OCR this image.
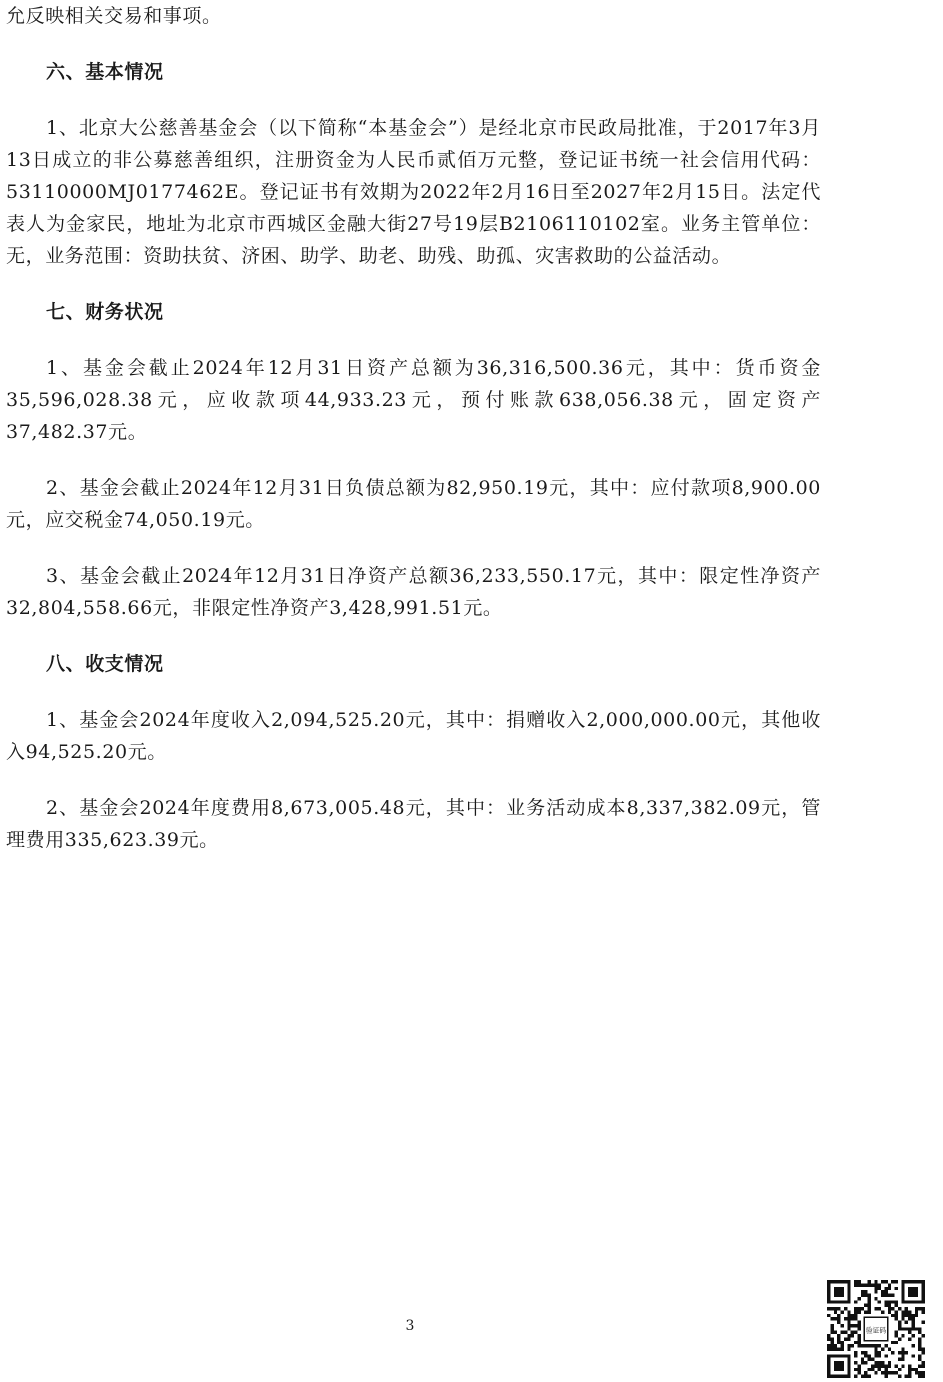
允反映相关交易和事项。

六、基本情况

1、北京大公慈善基金会（以下简称“本基金会”）是经北京市民政局批准，于2017年3月13日成立的非公募慈善组织，注册资金为人民币贰佰万元整，登记证书统一社会信用代码：53110000MJ0177462E。登记证书有效期为2022年2月16日至2027年2月15日。法定代表人为金家民，地址为北京市西城区金融大街27号19层B2106110102室。业务主管单位：无，业务范围：资助扶贫、济困、助学、助老、助残、助孤、灾害救助的公益活动。

七、财务状况

1、基金会截止2024年12月31日资产总额为36,316,500.36元，其中：货币资金35,596,028.38元，应收款项44,933.23元，预付账款638,056.38元，固定资产37,482.37元。

2、基金会截止2024年12月31日负债总额为82,950.19元，其中：应付款项8,900.00元，应交税金74,050.19元。

3、基金会截止2024年12月31日净资产总额36,233,550.17元，其中：限定性净资产32,804,558.66元，非限定性净资产3,428,991.51元。

八、收支情况

1、基金会2024年度收入2,094,525.20元，其中：捐赠收入2,000,000.00元，其他收入94,525.20元。

2、基金会2024年度费用8,673,005.48元，其中：业务活动成本8,337,382.09元，管理费用335,623.39元。

3	验证码
